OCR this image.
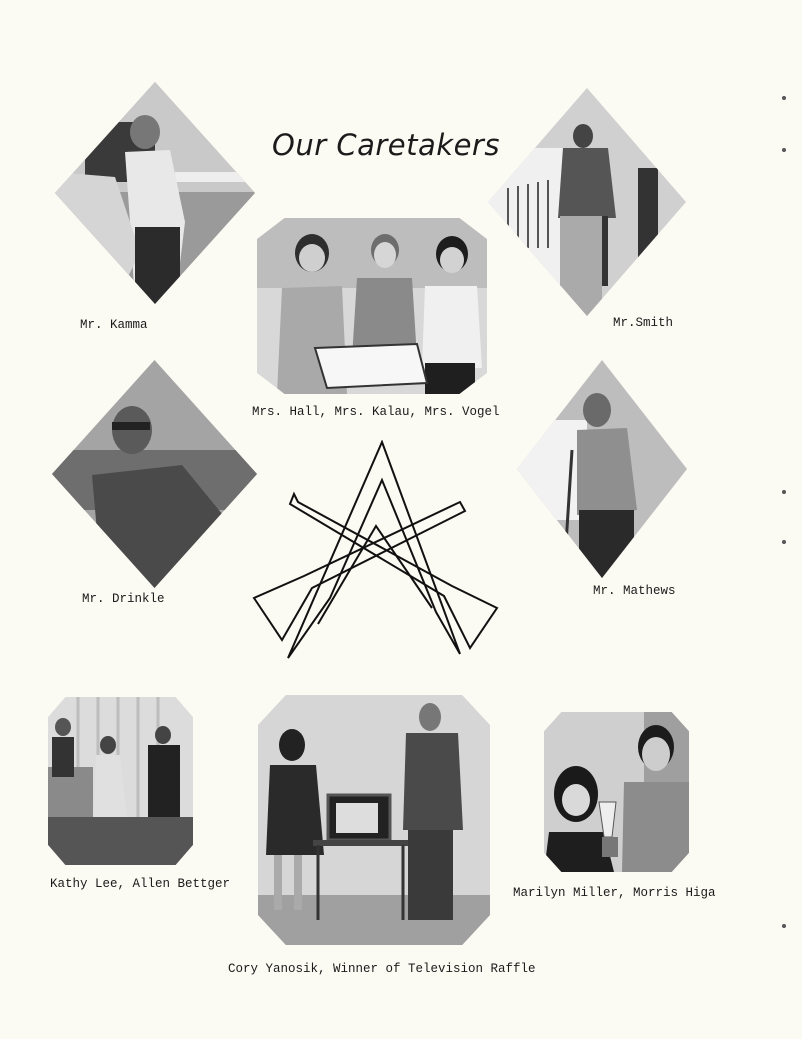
Our Caretakers
Mr. Kamma	Mr.Smith
Mrs. Hall, Mrs. Kalau, Mrs. Vogel
Mr. Drinkle
Mr. Mathews
Kathy Lee, Allen Bettger
Cory Yanosik, Winner of Television Raffle
Marilyn Miller, Morris Higa
